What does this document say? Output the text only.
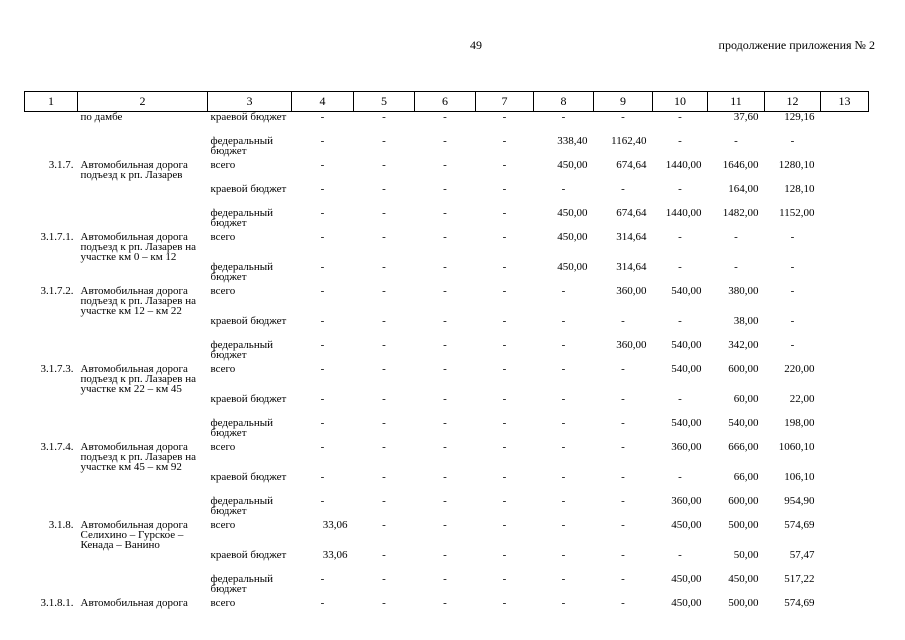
49	продолжение приложения № 2
1	2	3	4	5	6	7	8	9	10	11	12	13
	по дамбе	краевой бюджет	-	-	-	-	-	-	-	37,60	129,16	
		федеральный бюджет	-	-	-	-	338,40	1162,40	-	-	-	
3.1.7.	Автомобильная дорога подъезд к рп. Лазарев	всего	-	-	-	-	450,00	674,64	1440,00	1646,00	1280,10	
		краевой бюджет	-	-	-	-	-	-	-	164,00	128,10	
		федеральный бюджет	-	-	-	-	450,00	674,64	1440,00	1482,00	1152,00	
3.1.7.1.	Автомобильная дорога подъезд к рп. Лазарев на участке км 0 – км 12	всего	-	-	-	-	450,00	314,64	-	-	-	
		федеральный бюджет	-	-	-	-	450,00	314,64	-	-	-	
3.1.7.2.	Автомобильная дорога подъезд к рп. Лазарев на участке км 12 – км 22	всего	-	-	-	-	-	360,00	540,00	380,00	-	
		краевой бюджет	-	-	-	-	-	-	-	38,00	-	
		федеральный бюджет	-	-	-	-	-	360,00	540,00	342,00	-	
3.1.7.3.	Автомобильная дорога подъезд к рп. Лазарев на участке км 22 – км 45	всего	-	-	-	-	-	-	540,00	600,00	220,00	
		краевой бюджет	-	-	-	-	-	-	-	60,00	22,00	
		федеральный бюджет	-	-	-	-	-	-	540,00	540,00	198,00	
3.1.7.4.	Автомобильная дорога подъезд к рп. Лазарев на участке км 45 – км 92	всего	-	-	-	-	-	-	360,00	666,00	1060,10	
		краевой бюджет	-	-	-	-	-	-	-	66,00	106,10	
		федеральный бюджет	-	-	-	-	-	-	360,00	600,00	954,90	
3.1.8.	Автомобильная дорога Селихино – Гурское – Кенада – Ванино	всего	33,06	-	-	-	-	-	450,00	500,00	574,69	
		краевой бюджет	33,06	-	-	-	-	-	-	50,00	57,47	
		федеральный бюджет	-	-	-	-	-	-	450,00	450,00	517,22	
3.1.8.1.	Автомобильная дорога	всего	-	-	-	-	-	-	450,00	500,00	574,69	
